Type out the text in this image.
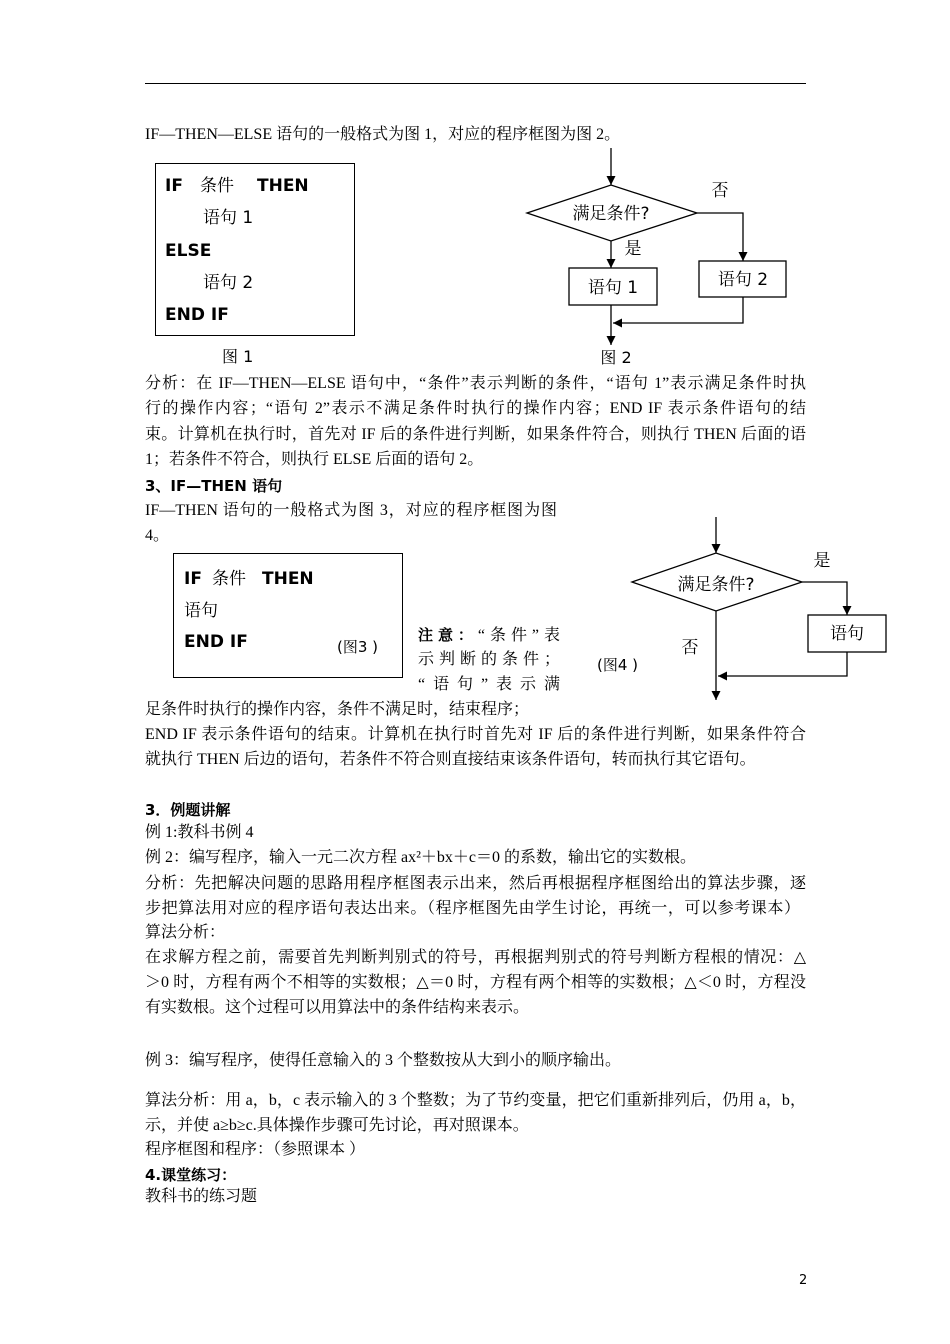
IF—THEN—ELSE 语句的一般格式为图 1，对应的程序框图为图 2。
IF 条件 THEN
语句 1
ELSE
语句 2
END IF
图 1
满足条件?
否
语句 2
是
语句 1
图 2
分析：在 IF—THEN—ELSE 语句中，“条件”表示判断的条件，“语句 1”表示满足条件时执
行的操作内容；“语句 2”表示不满足条件时执行的操作内容；END IF 表示条件语句的结
束。计算机在执行时，首先对 IF 后的条件进行判断，如果条件符合，则执行 THEN 后面的语
1；若条件不符合，则执行 ELSE 后面的语句 2。
3、IF—THEN 语句
IF—THEN 语句的一般格式为图 3，对应的程序框图为图
4。
IF 条件 THEN
语句
END IF	(图3 )
注意：“条件”表
示判断的条件；
“语句”表示满
(图4 )
满足条件?
是
语句
否
足条件时执行的操作内容，条件不满足时，结束程序；
END IF 表示条件语句的结束。计算机在执行时首先对 IF 后的条件进行判断，如果条件符合
就执行 THEN 后边的语句，若条件不符合则直接结束该条件语句，转而执行其它语句。
3．例题讲解
例 1:教科书例 4
例 2：编写程序，输入一元二次方程 ax²＋bx＋c＝0 的系数，输出它的实数根。
分析：先把解决问题的思路用程序框图表示出来，然后再根据程序框图给出的算法步骤，逐
步把算法用对应的程序语句表达出来。（程序框图先由学生讨论，再统一，可以参考课本）
算法分析：
在求解方程之前，需要首先判断判别式的符号，再根据判别式的符号判断方程根的情况：△
＞0 时，方程有两个不相等的实数根；△＝0 时，方程有两个相等的实数根；△＜0 时，方程没
有实数根。这个过程可以用算法中的条件结构来表示。
例 3：编写程序，使得任意输入的 3 个整数按从大到小的顺序输出。
算法分析：用 a，b，c 表示输入的 3 个整数；为了节约变量，把它们重新排列后，仍用 a，b，
示，并使 a≥b≥c.具体操作步骤可先讨论，再对照课本。
程序框图和程序：（参照课本 ）
4.课堂练习：
教科书的练习题
2
